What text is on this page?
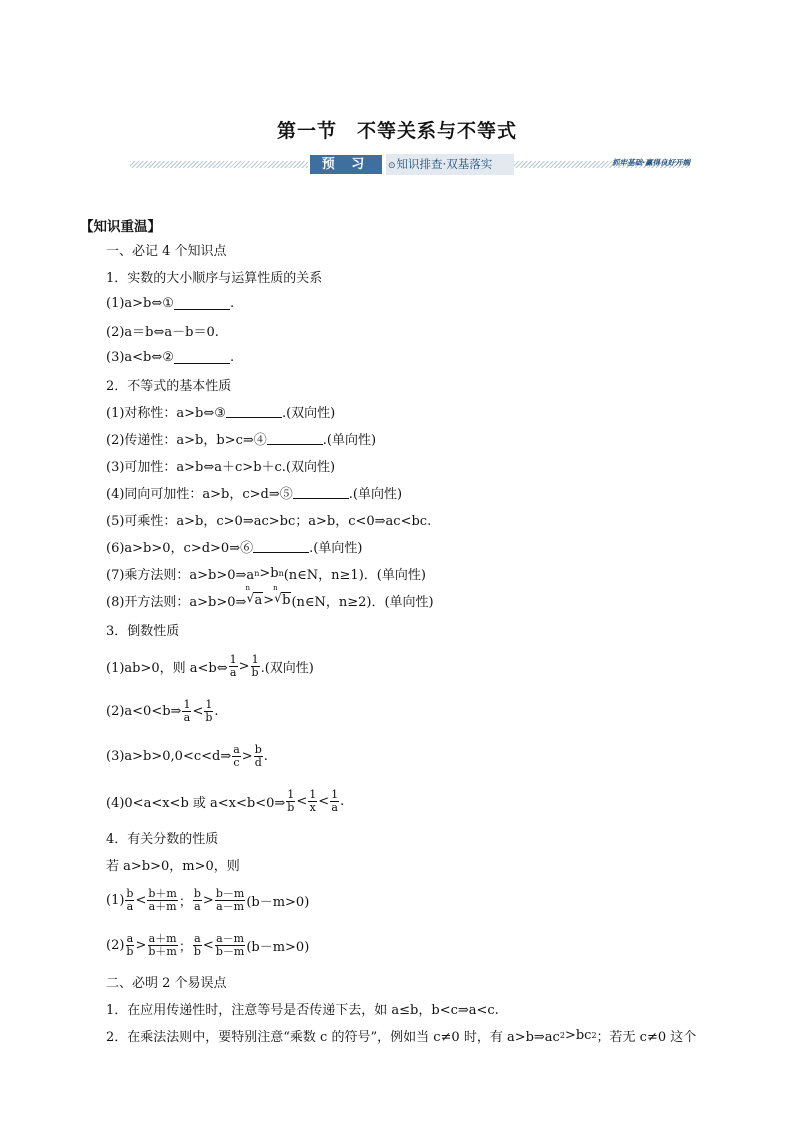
第一节　不等关系与不等式
预 习	⊙知识排查·双基落实	抓牢基础·赢得良好开端
【知识重温】
一、必记 4 个知识点
1．实数的大小顺序与运算性质的关系
(1)a>b⇔①	.
(2)a＝b⇔a－b＝0.
(3)a<b⇔②	.
2．不等式的基本性质
(1)对称性：a>b⇔③	.(双向性)
(2)传递性：a>b，b>c⇒④	.(单向性)
(3)可加性：a>b⇔a＋c>b＋c.(双向性)
(4)同向可加性：a>b，c>d⇒⑤	.(单向性)
(5)可乘性：a>b，c>0⇒ac>bc；a>b，c<0⇒ac<bc.
(6)a>b>0，c>d>0⇒⑥	.(单向性)
(7)乘方法则：a>b>0⇒a n >b n (n∈N，n≥1)．(单向性)
(8)开方法则：a>b>0⇒
n
√ a >
n
√ b (n∈N，n≥2)．(单向性)
3．倒数性质
(1)ab>0，则 a<b⇔ $\frac{1}{a} > \frac{1}{b}$ .(双向性)
(2)a<0<b⇒ $\frac{1}{a} < \frac{1}{b}$ .
(3)a>b>0,0<c<d⇒ $\frac{a}{c} > \frac{b}{d}$ .
(4)0<a<x<b 或 a<x<b<0⇒ $\frac{1}{b} < \frac{1}{x} < \frac{1}{a}$ .
4．有关分数的性质
若 a>b>0，m>0，则
$(1) \frac{b}{a} < \frac{b+m}{a+m}$ ； $\frac{b}{a} > \frac{b-m}{a-m} (b-m>0)$
$(2) \frac{a}{b} > \frac{a+m}{b+m}$ ； $\frac{a}{b} < \frac{a-m}{b-m} (b-m>0)$
二、必明 2 个易误点
1．在应用传递性时，注意等号是否传递下去，如 a≤b，b<c⇒a<c.
2．在乘法法则中，要特别注意“乘数 c 的符号”，例如当 c≠0 时，有 a>b⇒ac 2 >bc 2 ；若无 c≠0 这个
